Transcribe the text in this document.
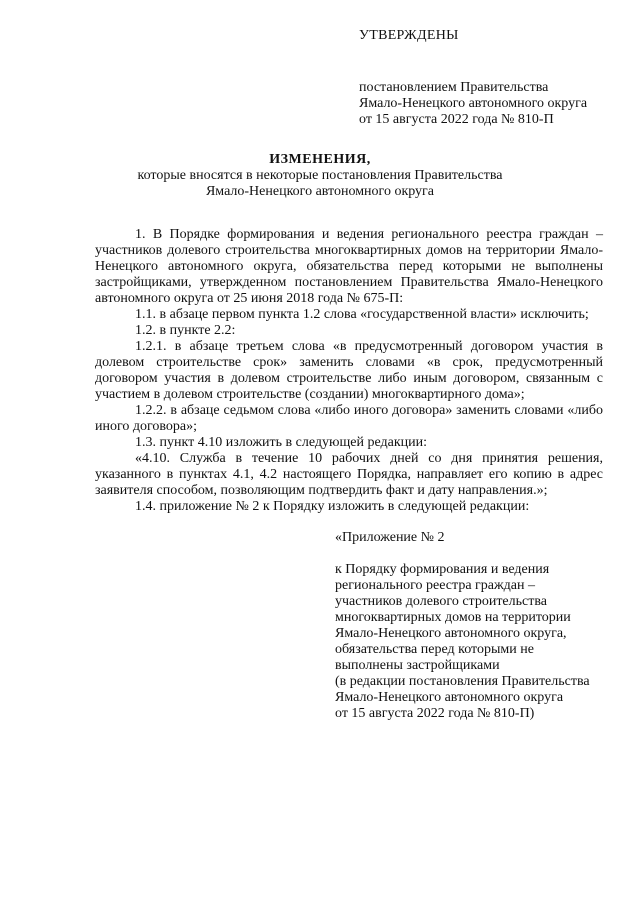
УТВЕРЖДЕНЫ
постановлением Правительства
Ямало-Ненецкого автономного округа
от 15 августа 2022 года № 810-П
ИЗМЕНЕНИЯ,
которые вносятся в некоторые постановления Правительства
Ямало-Ненецкого автономного округа

1. В Порядке формирования и ведения регионального реестра граждан – участников долевого строительства многоквартирных домов на территории Ямало-Ненецкого автономного округа, обязательства перед которыми не выполнены застройщиками, утвержденном постановлением Правительства Ямало-Ненецкого автономного округа от 25 июня 2018 года № 675-П:

1.1. в абзаце первом пункта 1.2 слова «государственной власти» исключить;

1.2. в пункте 2.2:

1.2.1. в абзаце третьем слова «в предусмотренный договором участия в долевом строительстве срок» заменить словами «в срок, предусмотренный договором участия в долевом строительстве либо иным договором, связанным с участием в долевом строительстве (создании) многоквартирного дома»;

1.2.2. в абзаце седьмом слова «либо иного договора» заменить словами «либо иного договора»;

1.3. пункт 4.10 изложить в следующей редакции:

«4.10. Служба в течение 10 рабочих дней со дня принятия решения, указанного в пунктах 4.1, 4.2 настоящего Порядка, направляет его копию в адрес заявителя способом, позволяющим подтвердить факт и дату направления.»;

1.4. приложение № 2 к Порядку изложить в следующей редакции:

«Приложение № 2

к Порядку формирования и ведения
регионального реестра граждан –
участников долевого строительства
многоквартирных домов на территории
Ямало-Ненецкого автономного округа,
обязательства перед которыми не
выполнены застройщиками
(в редакции постановления Правительства
Ямало-Ненецкого автономного округа
от 15 августа 2022 года № 810-П)
